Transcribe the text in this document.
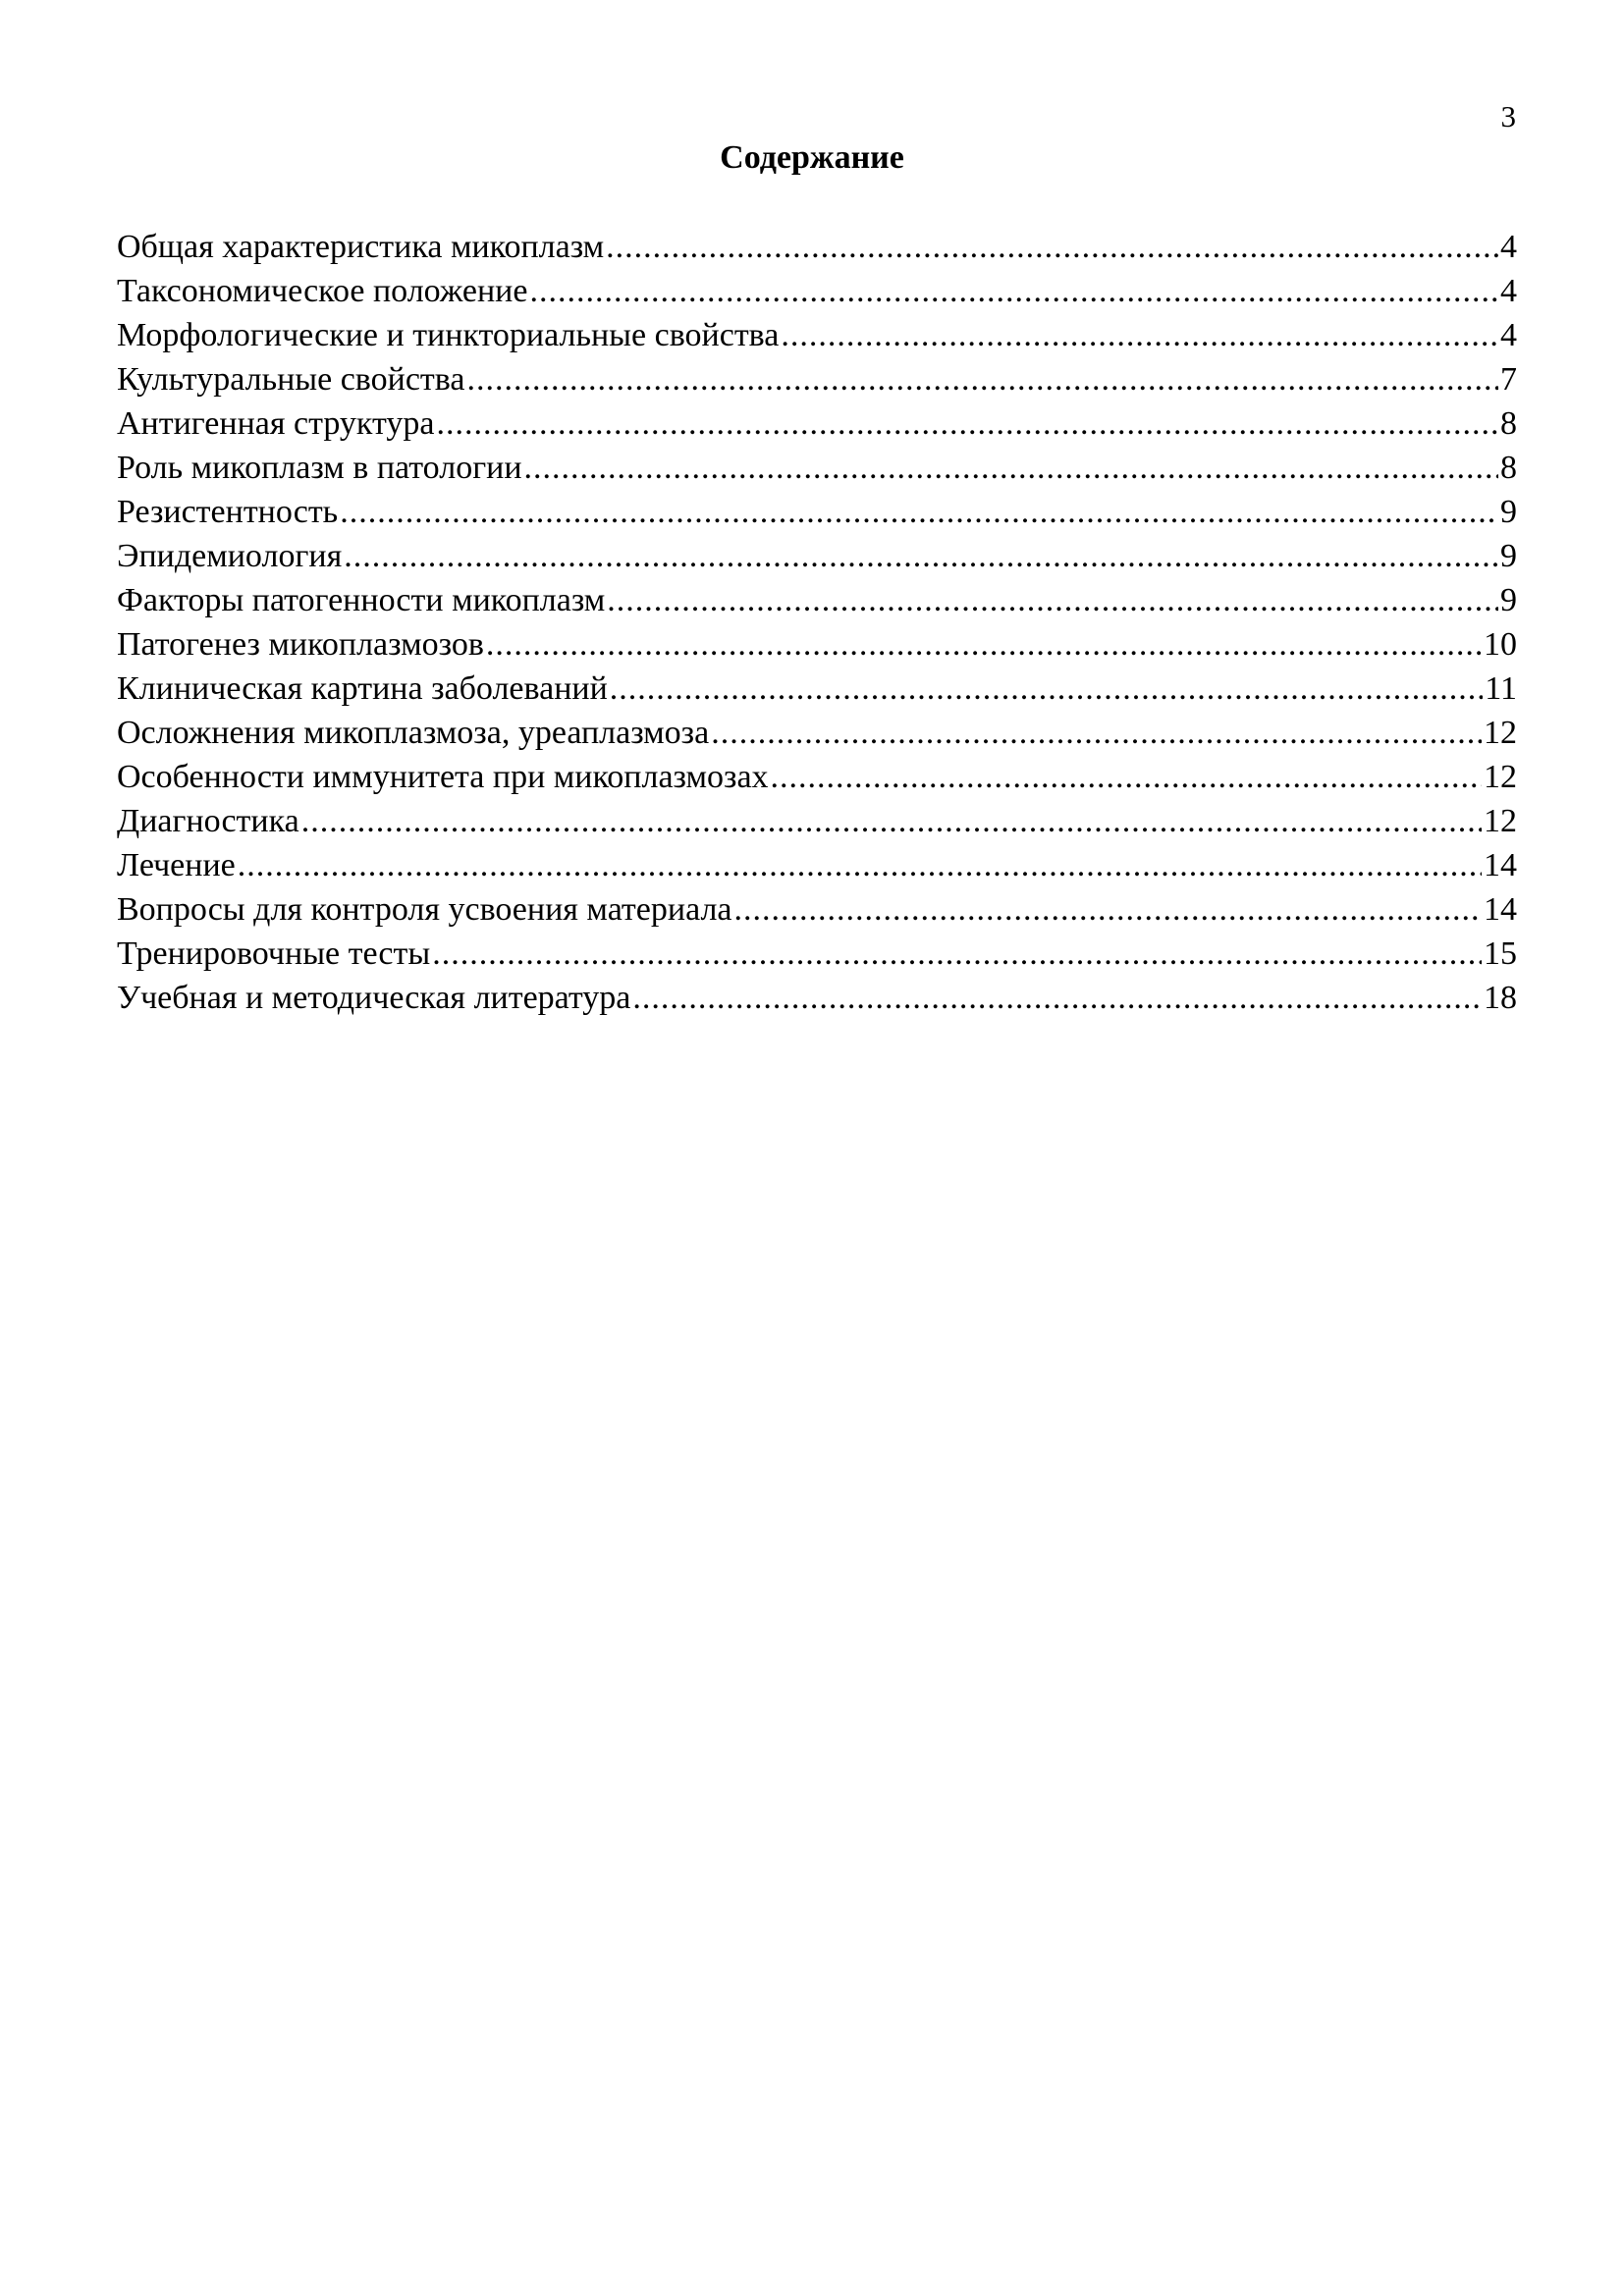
3
Содержание
Общая характеристика микоплазм .....	4
Таксономическое положение .....	4
Морфологические и тинкториальные свойства .....	4
Культуральные свойства .....	7
Антигенная структура .....	8
Роль микоплазм в патологии .....	8
Резистентность .....	9
Эпидемиология .....	9
Факторы патогенности микоплазм .....	9
Патогенез микоплазмозов .....	10
Клиническая картина заболеваний .....	11
Осложнения микоплазмоза, уреаплазмоза .....	12
Особенности иммунитета при микоплазмозах .....	12
Диагностика .....	12
Лечение .....	14
Вопросы для контроля усвоения материала .....	14
Тренировочные тесты .....	15
Учебная и методическая литература .....	18
